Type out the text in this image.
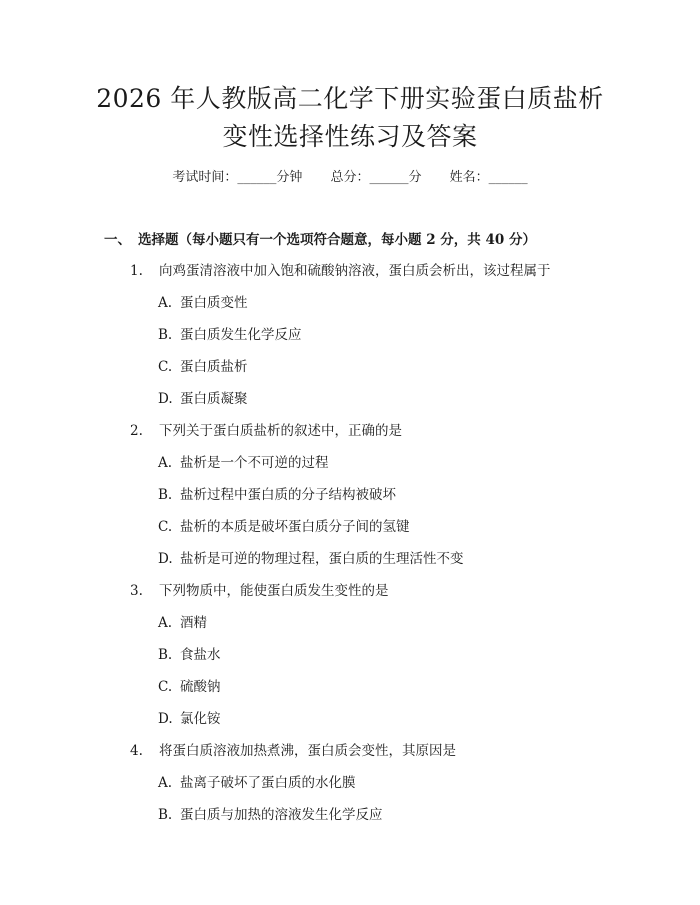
2026 年人教版高二化学下册实验蛋白质盐析
变性选择性练习及答案
考试时间：______分钟 总分：______分 姓名：______
一、 选择题（每小题只有一个选项符合题意，每小题 2 分，共 40 分）
1. 向鸡蛋清溶液中加入饱和硫酸钠溶液，蛋白质会析出，该过程属于
A. 蛋白质变性
B. 蛋白质发生化学反应
C. 蛋白质盐析
D. 蛋白质凝聚
2. 下列关于蛋白质盐析的叙述中，正确的是
A. 盐析是一个不可逆的过程
B. 盐析过程中蛋白质的分子结构被破坏
C. 盐析的本质是破坏蛋白质分子间的氢键
D. 盐析是可逆的物理过程，蛋白质的生理活性不变
3. 下列物质中，能使蛋白质发生变性的是
A. 酒精
B. 食盐水
C. 硫酸钠
D. 氯化铵
4. 将蛋白质溶液加热煮沸，蛋白质会变性，其原因是
A. 盐离子破坏了蛋白质的水化膜
B. 蛋白质与加热的溶液发生化学反应
